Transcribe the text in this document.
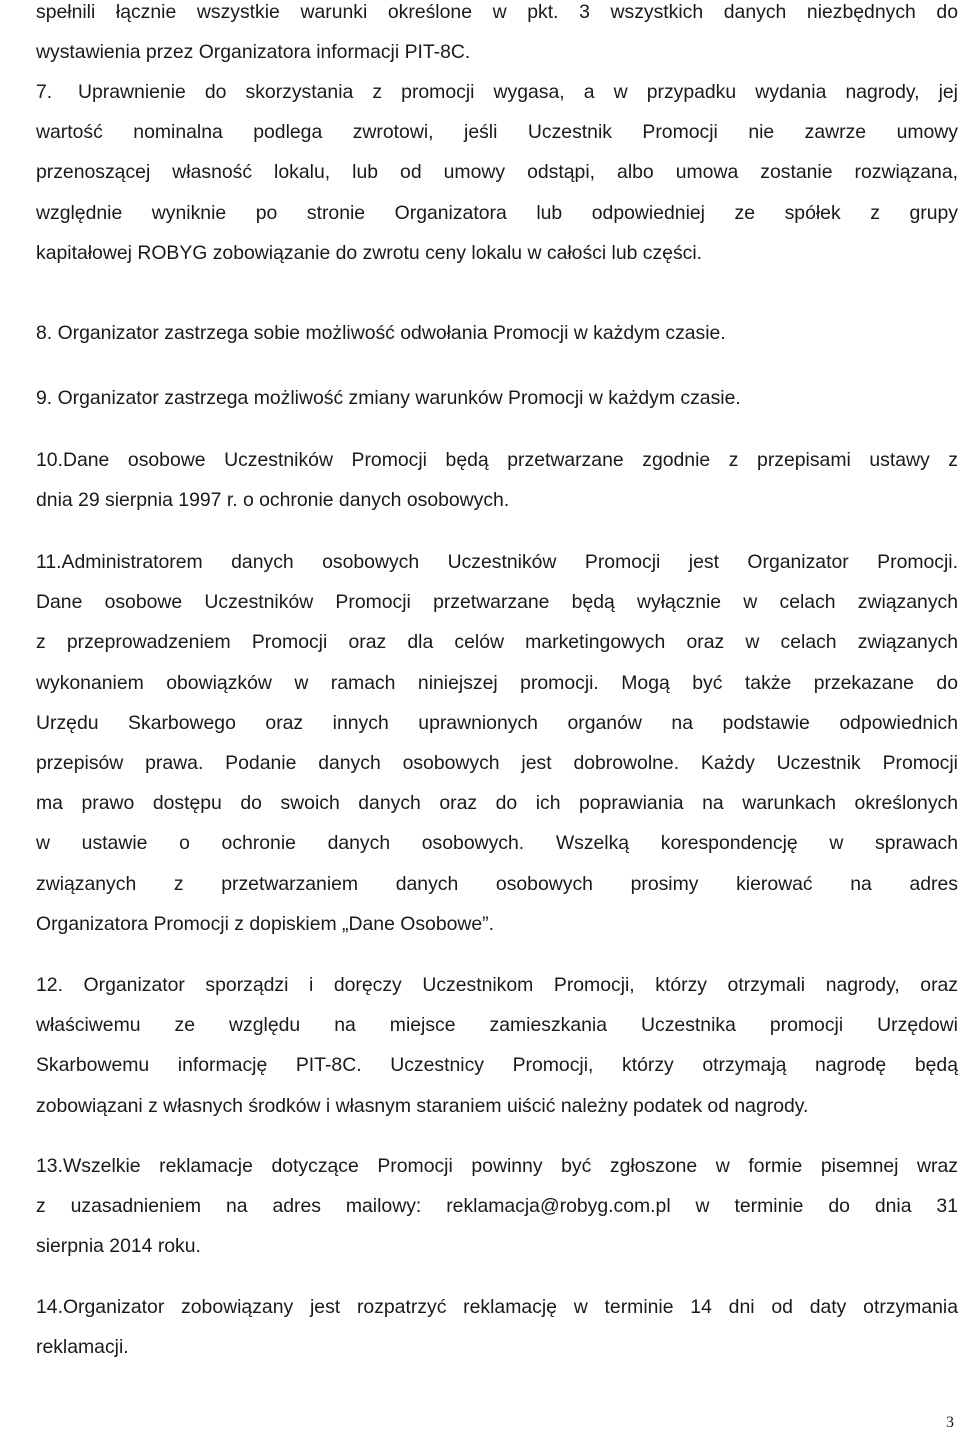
spełnili łącznie wszystkie warunki określone w pkt. 3 wszystkich danych niezbędnych do
wystawienia przez Organizatora informacji PIT-8C.

7.	Uprawnienie do skorzystania z promocji wygasa, a w przypadku wydania nagrody, jej
wartość nominalna podlega zwrotowi, jeśli Uczestnik Promocji nie zawrze umowy
przenoszącej własność lokalu, lub od umowy odstąpi, albo umowa zostanie rozwiązana,
względnie wyniknie po stronie Organizatora lub odpowiedniej ze spółek z grupy
kapitałowej ROBYG zobowiązanie do zwrotu ceny lokalu w całości lub części.

8. Organizator zastrzega sobie możliwość odwołania Promocji w każdym czasie.

9. Organizator zastrzega możliwość zmiany warunków Promocji w każdym czasie.

10.Dane osobowe Uczestników Promocji będą przetwarzane zgodnie z przepisami ustawy z
dnia 29 sierpnia 1997 r. o ochronie danych osobowych.

11.Administratorem danych osobowych Uczestników Promocji jest Organizator Promocji.
Dane osobowe Uczestników Promocji przetwarzane będą wyłącznie w celach związanych
z przeprowadzeniem Promocji oraz dla celów marketingowych oraz w celach związanych
wykonaniem obowiązków w ramach niniejszej promocji. Mogą być także przekazane do
Urzędu Skarbowego oraz innych uprawnionych organów na podstawie odpowiednich
przepisów prawa. Podanie danych osobowych jest dobrowolne. Każdy Uczestnik Promocji
ma prawo dostępu do swoich danych oraz do ich poprawiania na warunkach określonych
w ustawie o ochronie danych osobowych. Wszelką korespondencję w sprawach
związanych z przetwarzaniem danych osobowych prosimy kierować na adres
Organizatora Promocji z dopiskiem „Dane Osobowe”.

12. Organizator sporządzi i doręczy Uczestnikom Promocji, którzy otrzymali nagrody, oraz
właściwemu ze względu na miejsce zamieszkania Uczestnika promocji Urzędowi
Skarbowemu informację PIT-8C. Uczestnicy Promocji, którzy otrzymają nagrodę będą
zobowiązani z własnych środków i własnym staraniem uiścić należny podatek od nagrody.

13.Wszelkie reklamacje dotyczące Promocji powinny być zgłoszone w formie pisemnej wraz
z uzasadnieniem na adres mailowy: reklamacja@robyg.com.pl w terminie do dnia 31
sierpnia 2014 roku.

14.Organizator zobowiązany jest rozpatrzyć reklamację w terminie 14 dni od daty otrzymania
reklamacji.

3
